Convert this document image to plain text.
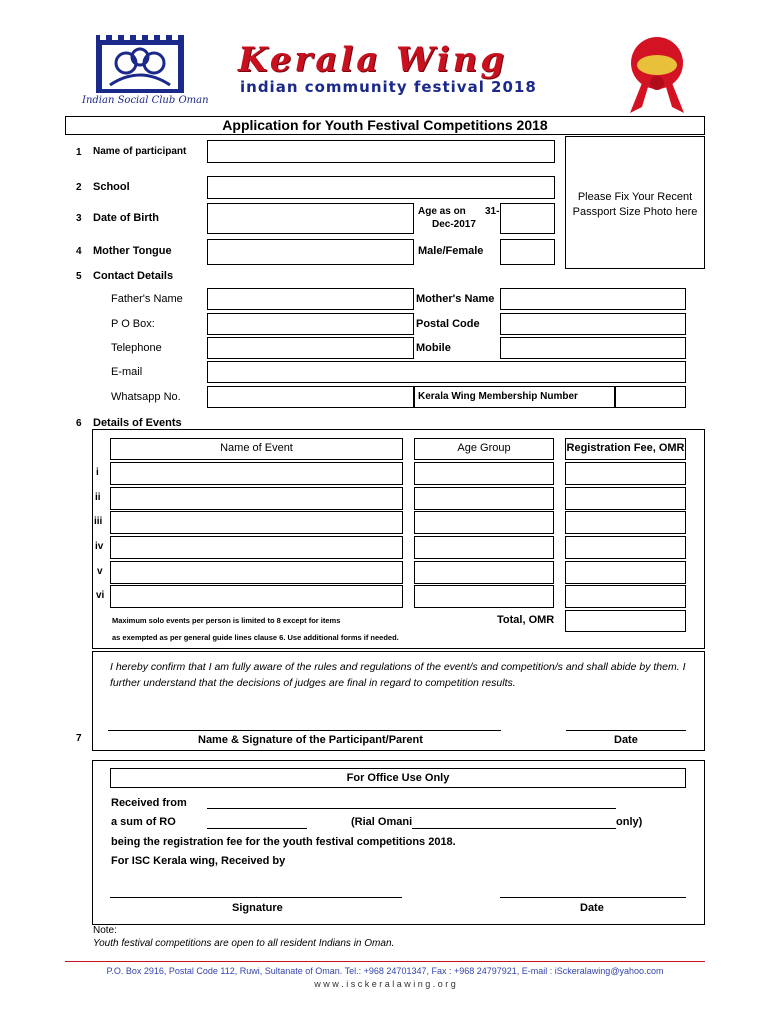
Indian Social Club Oman
Kerala Wing
indian community festival 2018
Application for Youth Festival Competitions 2018
1 Name of participant
Please Fix Your Recent Passport Size Photo here
2 School
3 Date of Birth
Age as on 31-
Dec-2017
4 Mother Tongue	Male/Female
5 Contact Details
Father's Name	Mother's Name
P O Box:	Postal Code
Telephone	Mobile
E-mail
Whatsapp No.	Kerala Wing Membership Number
6 Details of Events
Name of Event	Age Group	Registration Fee, OMR
i
ii
iii
iv
v
vi
Maximum solo events per person is limited to 8 except for items
as exempted as per general guide lines clause 6. Use additional forms if needed.
Total, OMR
I hereby confirm that I am fully aware of the rules and regulations of the event/s and competition/s and shall abide by them. I further understand that the decisions of judges are final in regard to competition results.
7	Name & Signature of the Participant/Parent	Date
For Office Use Only
Received from
a sum of RO	(Rial Omani	only)
being the registration fee for the youth festival competitions 2018.
For ISC Kerala wing, Received by
Signature	Date
Note:
Youth festival competitions are open to all resident Indians in Oman.
P.O. Box 2916, Postal Code 112, Ruwi, Sultanate of Oman. Tel.: +968 24701347, Fax : +968 24797921, E-mail : iSckeralawing@yahoo.com
w w w . i s c k e r a l a w i n g . o r g
